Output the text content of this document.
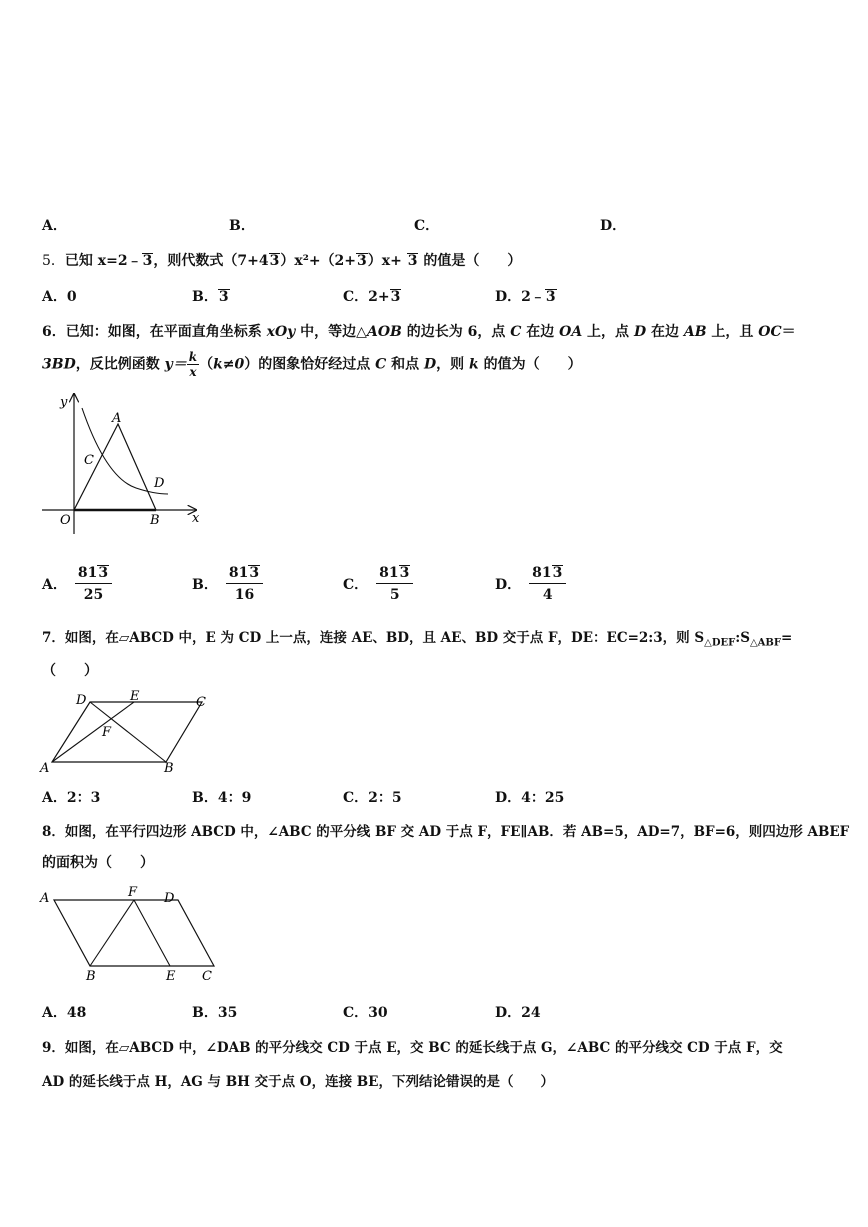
A．	B．	C．	D．
5．已知 x=2﹣3，则代数式（7+43）x²+（2+3）x+ 3 的值是（　　）
A．0	B．3	C．2+3	D．2﹣3
6．已知：如图，在平面直角坐标系 xOy 中，等边△AOB 的边长为 6，点 C 在边 OA 上，点 D 在边 AB 上，且 OC＝
3BD，反比例函数 $y= \frac{k}{x} (k\ne 0)$的图象恰好经过点 C 和点 D，则 k 的值为（　　）
y
x
O
A
B
C
D
A． $\frac{813}{25}$	B． $\frac{813}{16}$	C． $\frac{813}{5}$	D． $\frac{813}{4}$
7．如图，在▱ABCD 中，E 为 CD 上一点，连接 AE、BD，且 AE、BD 交于点 F，DE：EC=2:3，则 $S_{\triangle DEF}:S_{\triangle ABF}=$
（　　）
A	B
C
D	E
F
A．2：3	B．4：9	C．2：5	D．4：25
8．如图，在平行四边形 ABCD 中，∠ABC 的平分线 BF 交 AD 于点 F，FE∥AB．若 AB=5，AD=7，BF=6，则四边形 ABEF
的面积为（　　）
A	F D
B	E C
A．48	B．35	C．30	D．24
9．如图，在▱ABCD 中，∠DAB 的平分线交 CD 于点 E，交 BC 的延长线于点 G，∠ABC 的平分线交 CD 于点 F，交
AD 的延长线于点 H，AG 与 BH 交于点 O，连接 BE，下列结论错误的是（　　）
